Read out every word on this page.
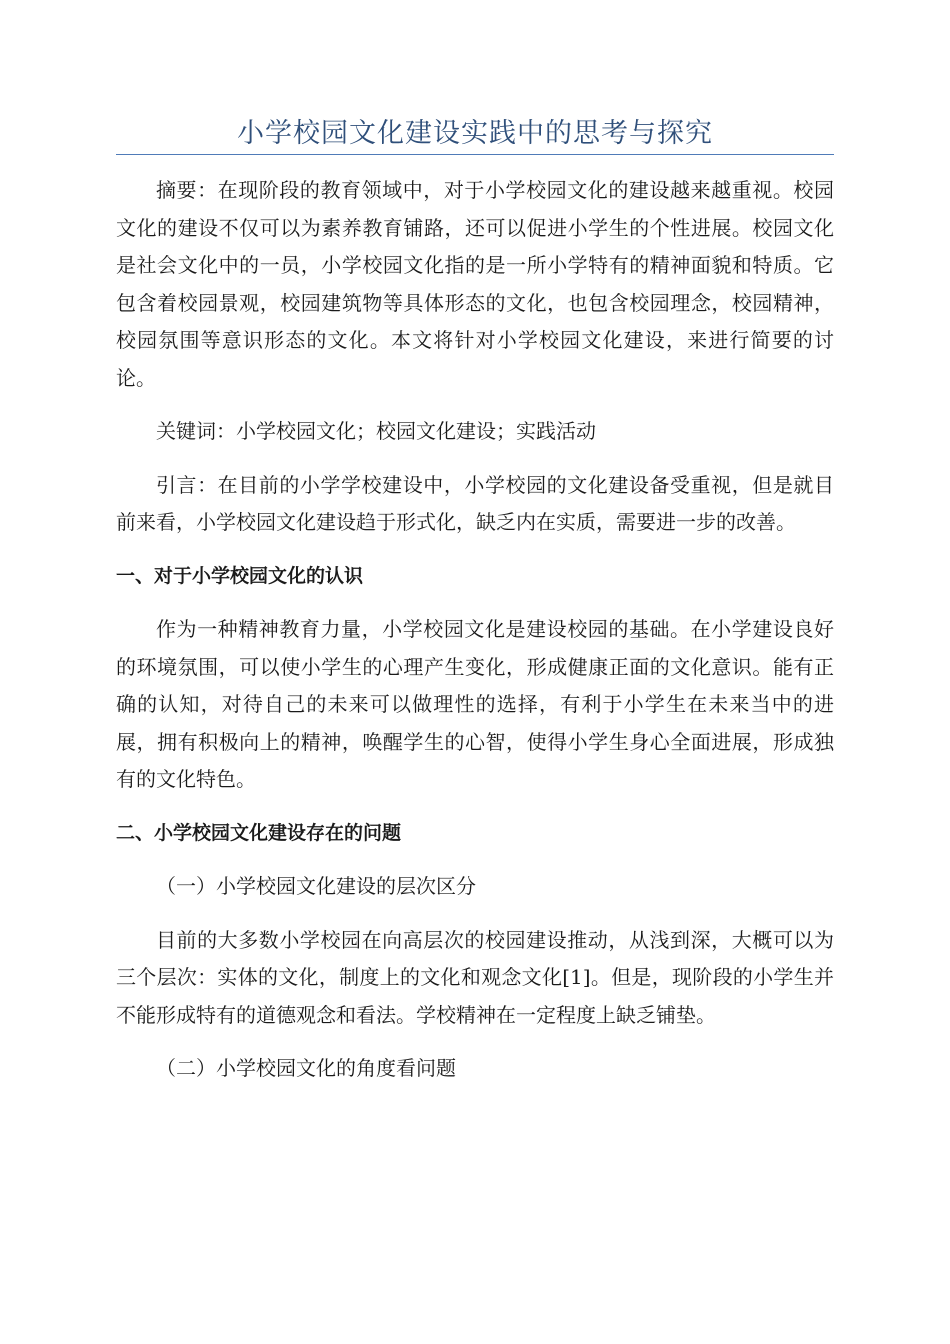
小学校园文化建设实践中的思考与探究

摘要：在现阶段的教育领域中，对于小学校园文化的建设越来越重视。校园文化的建设不仅可以为素养教育铺路，还可以促进小学生的个性进展。校园文化是社会文化中的一员，小学校园文化指的是一所小学特有的精神面貌和特质。它包含着校园景观，校园建筑物等具体形态的文化，也包含校园理念，校园精神，校园氛围等意识形态的文化。本文将针对小学校园文化建设，来进行简要的讨论。

关键词：小学校园文化；校园文化建设；实践活动

引言：在目前的小学学校建设中，小学校园的文化建设备受重视，但是就目前来看，小学校园文化建设趋于形式化，缺乏内在实质，需要进一步的改善。

一、对于小学校园文化的认识

作为一种精神教育力量，小学校园文化是建设校园的基础。在小学建设良好的环境氛围，可以使小学生的心理产生变化，形成健康正面的文化意识。能有正确的认知，对待自己的未来可以做理性的选择，有利于小学生在未来当中的进展，拥有积极向上的精神，唤醒学生的心智，使得小学生身心全面进展，形成独有的文化特色。

二、小学校园文化建设存在的问题

（一）小学校园文化建设的层次区分

目前的大多数小学校园在向高层次的校园建设推动，从浅到深，大概可以为三个层次：实体的文化，制度上的文化和观念文化[1]。但是，现阶段的小学生并不能形成特有的道德观念和看法。学校精神在一定程度上缺乏铺垫。

（二）小学校园文化的角度看问题
